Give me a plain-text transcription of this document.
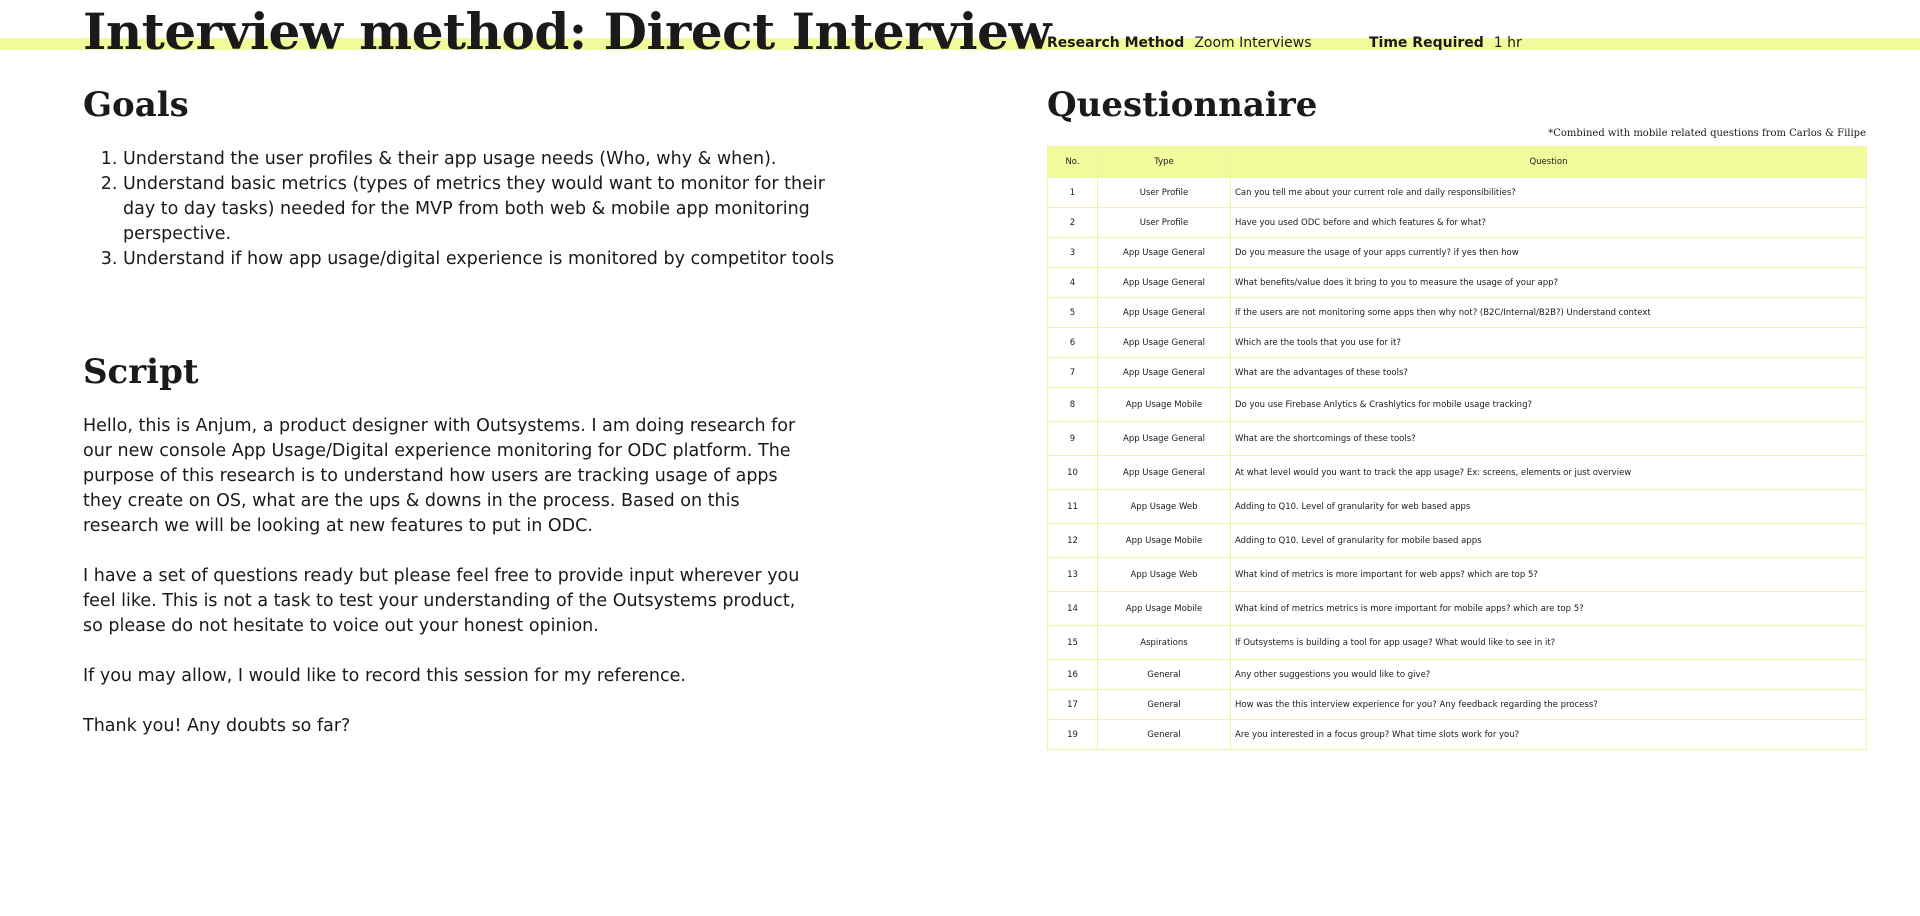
Interview method: Direct Interview
Research Method Zoom Interviews	Time Required 1 hr
Goals
1. Understand the user profiles & their app usage needs (Who, why & when).
2. Understand basic metrics (types of metrics they would want to monitor for their day to day tasks) needed for the MVP from both web & mobile app monitoring perspective.
3. Understand if how app usage/digital experience is monitored by competitor tools
Script

Hello, this is Anjum, a product designer with Outsystems. I am doing research for our new console App Usage/Digital experience monitoring for ODC platform. The purpose of this research is to understand how users are tracking usage of apps they create on OS, what are the ups & downs in the process. Based on this research we will be looking at new features to put in ODC.

I have a set of questions ready but please feel free to provide input wherever you feel like. This is not a task to test your understanding of the Outsystems product, so please do not hesitate to voice out your honest opinion.

If you may allow, I would like to record this session for my reference.

Thank you! Any doubts so far?

Questionnaire
*Combined with mobile related questions from Carlos & Filipe
No.	Type	Question
1	User Profile	Can you tell me about your current role and daily responsibilities?
2	User Profile	Have you used ODC before and which features & for what?
3	App Usage General	Do you measure the usage of your apps currently? if yes then how
4	App Usage General	What benefits/value does it bring to you to measure the usage of your app?
5	App Usage General	If the users are not monitoring some apps then why not? (B2C/Internal/B2B?) Understand context
6	App Usage General	Which are the tools that you use for it?
7	App Usage General	What are the advantages of these tools?
8	App Usage Mobile	Do you use Firebase Anlytics & Crashlytics for mobile usage tracking?
9	App Usage General	What are the shortcomings of these tools?
10	App Usage General	At what level would you want to track the app usage? Ex: screens, elements or just overview
11	App Usage Web	Adding to Q10. Level of granularity for web based apps
12	App Usage Mobile	Adding to Q10. Level of granularity for mobile based apps
13	App Usage Web	What kind of metrics is more important for web apps? which are top 5?
14	App Usage Mobile	What kind of metrics metrics is more important for mobile apps? which are top 5?
15	Aspirations	If Outsystems is building a tool for app usage? What would like to see in it?
16	General	Any other suggestions you would like to give?
17	General	How was the this interview experience for you? Any feedback regarding the process?
19	General	Are you interested in a focus group? What time slots work for you?
